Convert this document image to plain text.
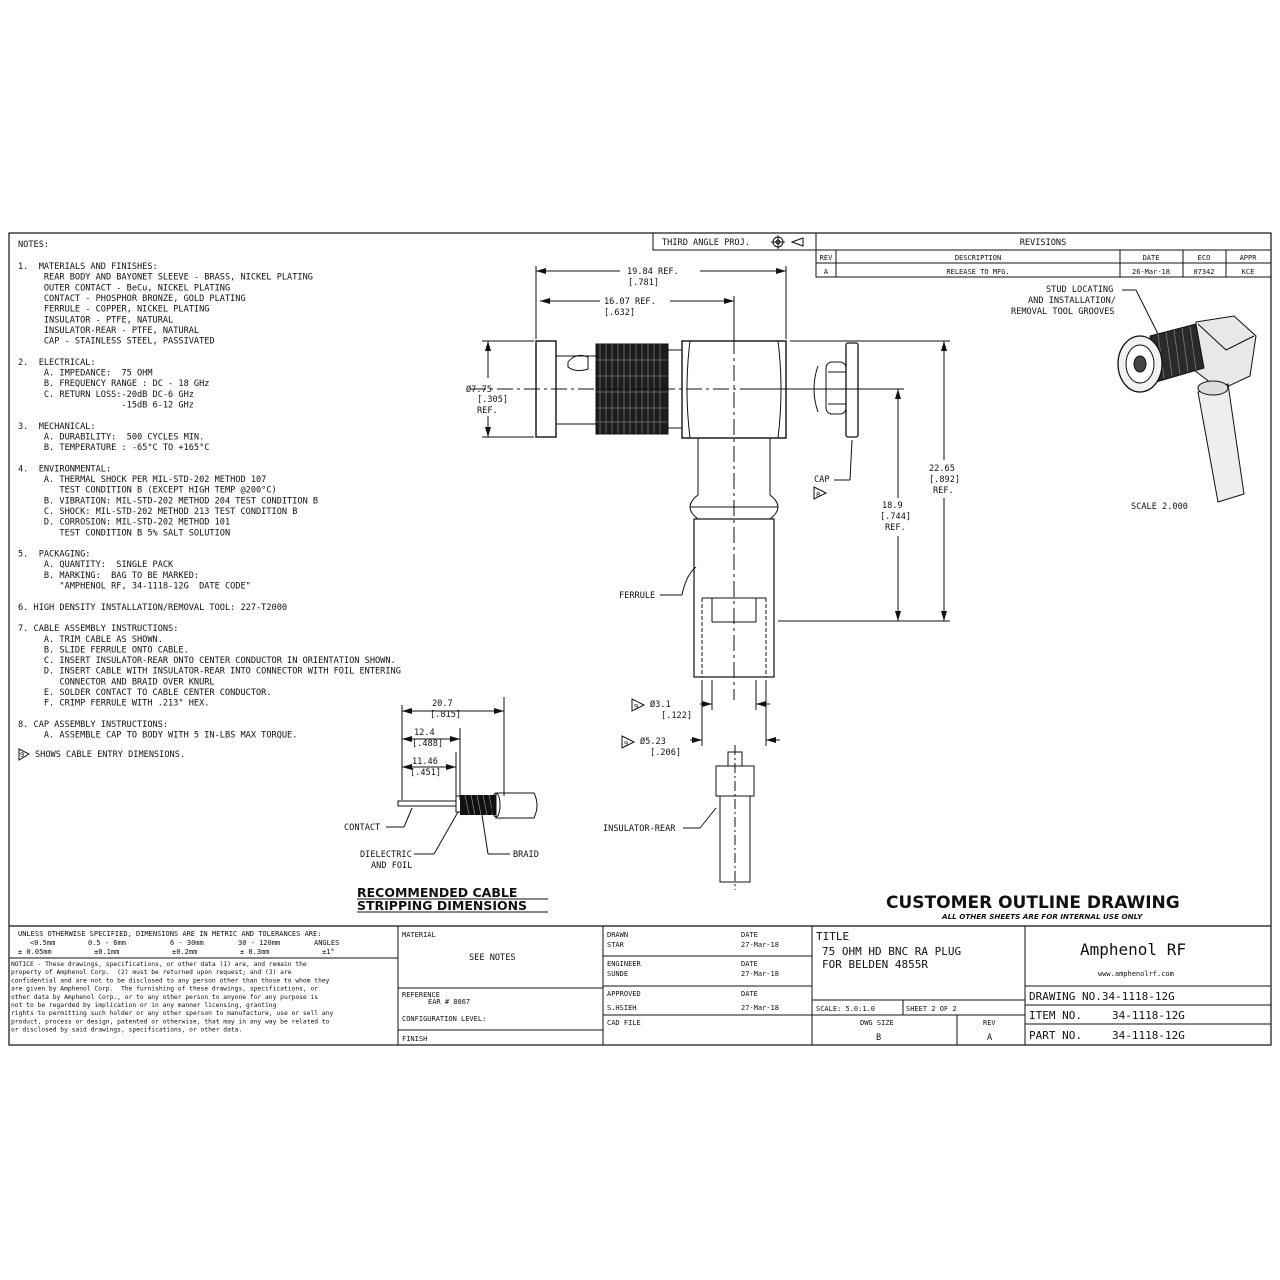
NOTES:
1.  MATERIALS AND FINISHES:
REAR BODY AND BAYONET SLEEVE - BRASS, NICKEL PLATING
OUTER CONTACT - BeCu, NICKEL PLATING
CONTACT - PHOSPHOR BRONZE, GOLD PLATING
FERRULE - COPPER, NICKEL PLATING
INSULATOR - PTFE, NATURAL
INSULATOR-REAR - PTFE, NATURAL
CAP - STAINLESS STEEL, PASSIVATED
2.  ELECTRICAL:
A. IMPEDANCE:  75 OHM
B. FREQUENCY RANGE : DC - 18 GHz
C. RETURN LOSS:-20dB DC-6 GHz
-15dB 6-12 GHz
3.  MECHANICAL:
A. DURABILITY:  500 CYCLES MIN.
B. TEMPERATURE : -65°C TO +165°C
4.  ENVIRONMENTAL:
A. THERMAL SHOCK PER MIL-STD-202 METHOD 107
TEST CONDITION B (EXCEPT HIGH TEMP @200°C)
B. VIBRATION: MIL-STD-202 METHOD 204 TEST CONDITION B
C. SHOCK: MIL-STD-202 METHOD 213 TEST CONDITION B
D. CORROSION: MIL-STD-202 METHOD 101
TEST CONDITION B 5% SALT SOLUTION
5.  PACKAGING:
A. QUANTITY:  SINGLE PACK
B. MARKING:  BAG TO BE MARKED:
"AMPHENOL RF, 34-1118-12G  DATE CODE"
6. HIGH DENSITY INSTALLATION/REMOVAL TOOL: 227-T2000
7. CABLE ASSEMBLY INSTRUCTIONS:
A. TRIM CABLE AS SHOWN.
B. SLIDE FERRULE ONTO CABLE.
C. INSERT INSULATOR-REAR ONTO CENTER CONDUCTOR IN ORIENTATION SHOWN.
D. INSERT CABLE WITH INSULATOR-REAR INTO CONNECTOR WITH FOIL ENTERING
CONNECTOR AND BRAID OVER KNURL
E. SOLDER CONTACT TO CABLE CENTER CONDUCTOR.
F. CRIMP FERRULE WITH .213" HEX.
8. CAP ASSEMBLY INSTRUCTIONS:
A. ASSEMBLE CAP TO BODY WITH 5 IN-LBS MAX TORQUE.
9 SHOWS CABLE ENTRY DIMENSIONS.
THIRD ANGLE PROJ.	REVISIONS
REV	DESCRIPTION	DATE	ECO	APPR
A	RELEASE TO MFG.	26-Mar-18	07342	KCE
19.84 REF.
[.781]
16.07 REF.
[.632]
Ø7.75
[.305]
REF.
22.65
[.892]
REF.
18.9
[.744]
REF.
CAP
8
FERRULE
9 Ø3.1
[.122]
9 Ø5.23
[.206]
INSULATOR-REAR
STUD LOCATING
AND INSTALLATION/
REMOVAL TOOL GROOVES
SCALE 2.000
20.7
[.815]
12.4
[.488]
11.46
[.451]
CONTACT
DIELECTRIC
AND FOIL
BRAID
RECOMMENDED CABLE
STRIPPING DIMENSIONS	CUSTOMER OUTLINE DRAWING
ALL OTHER SHEETS ARE FOR INTERNAL USE ONLY
UNLESS OTHERWISE SPECIFIED, DIMENSIONS ARE IN METRIC AND TOLERANCES ARE:
<0.5mm	0.5 - 6mm	6 - 30mm	30 - 120mm	ANGLES
± 0.05mm	±0.1mm	±0.2mm	± 0.3mm	±1°
NOTICE - These drawings, specifications, or other data (1) are, and remain the
property of Amphenol Corp.  (2) must be returned upon request; and (3) are
confidential and are not to be disclosed to any person other than those to whom they
are given by Amphenol Corp.  The furnishing of these drawings, specifications, or
other data by Amphenol Corp., or to any other person to anyone for any purpose is
not to be regarded by implication or in any manner licensing, granting
rights to permitting such holder or any other sperson to manufacture, use or sell any
product, process or design, patented or otherwise, that may in any way be related to
or disclosed by said drawings, specifications, or other data.
MATERIAL
SEE NOTES
REFERENCE
EAR # 8067
CONFIGURATION LEVEL:
FINISH
DRAWN
STAR
DATE
27-Mar-18
ENGINEER
SUNDE
DATE
27-Mar-18
APPROVED
S.HSIEH
DATE
27-Mar-18
CAD FILE
TITLE
75 OHM HD BNC RA PLUG
FOR BELDEN 4855R
SCALE: 5.0:1.0	SHEET 2 OF 2
DWG SIZE
B
REV
A
Amphenol RF
www.amphenolrf.com
DRAWING NO.34-1118-12G
ITEM NO.	34-1118-12G
PART NO.	34-1118-12G
